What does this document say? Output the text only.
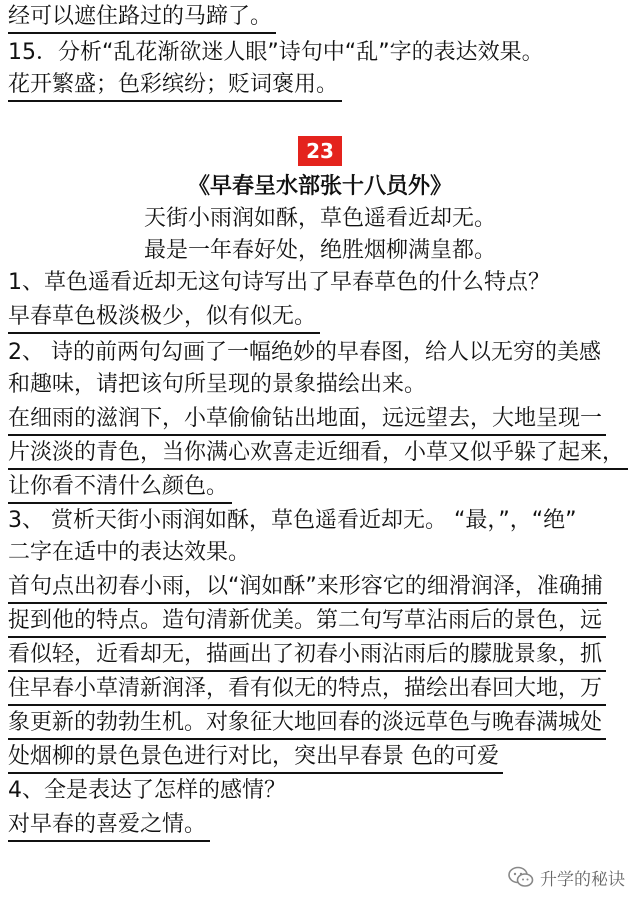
经可以遮住路过的马蹄了。
15．分析“乱花渐欲迷人眼”诗句中“乱”字的表达效果。
花开繁盛；色彩缤纷；贬词褒用。
23
《早春呈水部张十八员外》
天街小雨润如酥，草色遥看近却无。
最是一年春好处，绝胜烟柳满皇都。
1、草色遥看近却无这句诗写出了早春草色的什么特点？
早春草色极淡极少，似有似无。
2、 诗的前两句勾画了一幅绝妙的早春图，给人以无穷的美感
和趣味，请把该句所呈现的景象描绘出来。
在细雨的滋润下，小草偷偷钻出地面，远远望去，大地呈现一
片淡淡的青色，当你满心欢喜走近细看，小草又似乎躲了起来，
让你看不清什么颜色。
3、 赏析天街小雨润如酥，草色遥看近却无。 “最，”，“绝”
二字在适中的表达效果。
首句点出初春小雨，以“润如酥”来形容它的细滑润泽，准确捕
捉到他的特点。造句清新优美。第二句写草沾雨后的景色，远
看似轻，近看却无，描画出了初春小雨沾雨后的朦胧景象，抓
住早春小草清新润泽，看有似无的特点，描绘出春回大地，万
象更新的勃勃生机。对象征大地回春的淡远草色与晚春满城处
处烟柳的景色景色进行对比，突出早春景 色的可爱
4、全是表达了怎样的感情？
对早春的喜爱之情。
升学的秘诀
